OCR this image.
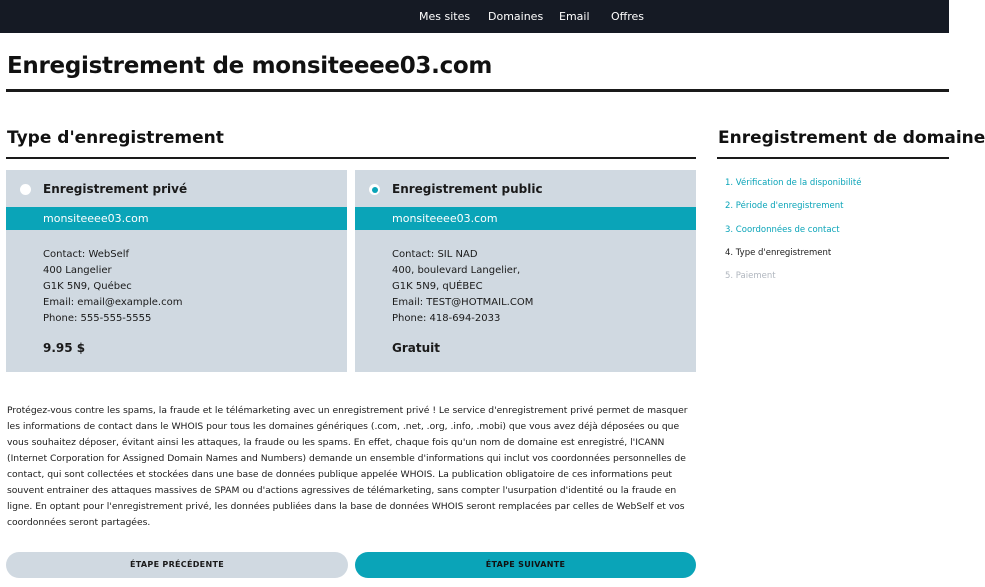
Mes sites Domaines Email Offres
Enregistrement de monsiteeee03.com
Type d'enregistrement
Enregistrement privé
monsiteeee03.com
Contact: WebSelf
400 Langelier
G1K 5N9, Québec
Email: email@example.com
Phone: 555-555-5555
9.95 $
Enregistrement public
monsiteeee03.com
Contact: SIL NAD
400, boulevard Langelier,
G1K 5N9, qUÉBEC
Email: TEST@HOTMAIL.COM
Phone: 418-694-2033
Gratuit

Protégez-vous contre les spams, la fraude et le télémarketing avec un enregistrement privé ! Le service d'enregistrement privé permet de masquer les informations de contact dans le WHOIS pour tous les domaines génériques (.com, .net, .org, .info, .mobi) que vous avez déjà déposées ou que vous souhaitez déposer, évitant ainsi les attaques, la fraude ou les spams. En effet, chaque fois qu'un nom de domaine est enregistré, l'ICANN (Internet Corporation for Assigned Domain Names and Numbers) demande un ensemble d'informations qui inclut vos coordonnées personnelles de contact, qui sont collectées et stockées dans une base de données publique appelée WHOIS. La publication obligatoire de ces informations peut souvent entrainer des attaques massives de SPAM ou d'actions agressives de télémarketing, sans compter l'usurpation d'identité ou la fraude en ligne. En optant pour l'enregistrement privé, les données publiées dans la base de données WHOIS seront remplacées par celles de WebSelf et vos coordonnées seront partagées.

ÉTAPE PRÉCÉDENTE	ÉTAPE SUIVANTE
Enregistrement de domaine
1. Vérification de la disponibilité
2. Période d'enregistrement
3. Coordonnées de contact
4. Type d'enregistrement
5. Paiement
